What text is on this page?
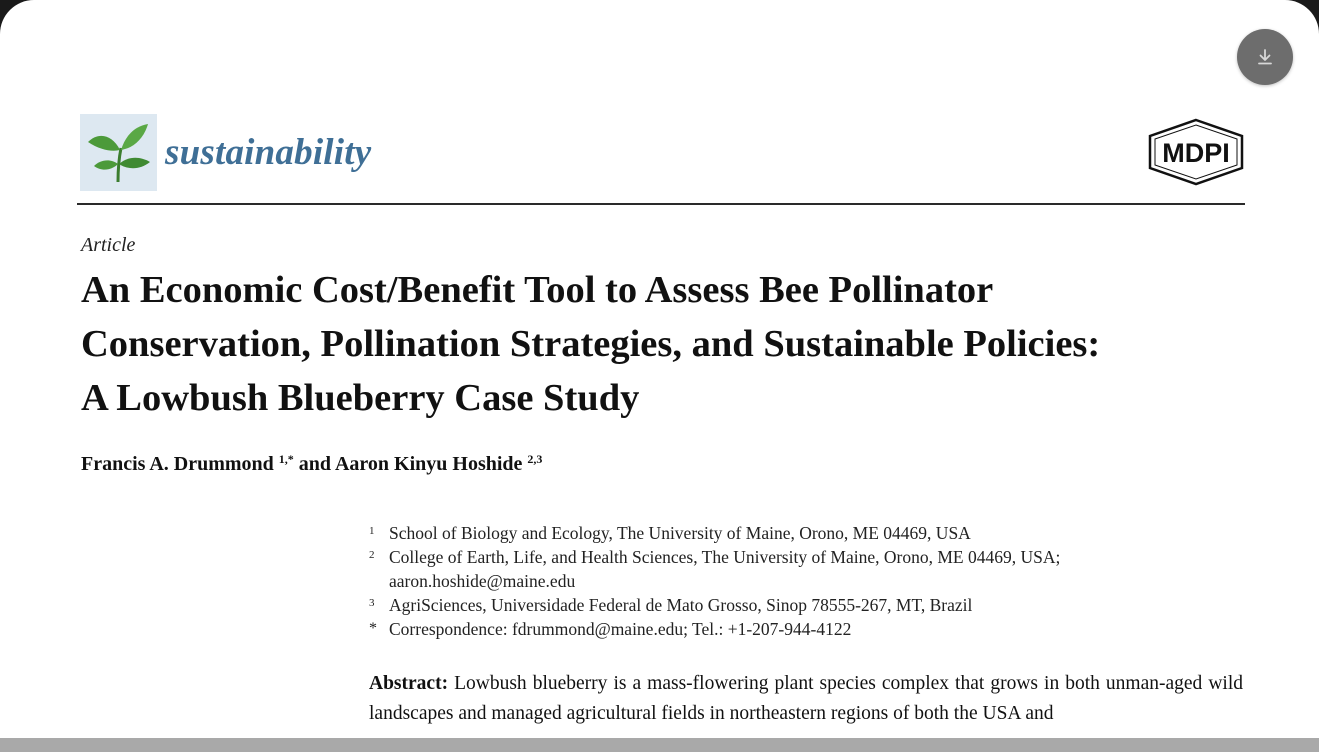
sustainability	MDPI
Article
An Economic Cost/Benefit Tool to Assess Bee Pollinator
Conservation, Pollination Strategies, and Sustainable Policies:
A Lowbush Blueberry Case Study
Francis A. Drummond $^{1,*}$ and Aaron Kinyu Hoshide $^{2,3}$
1 School of Biology and Ecology, The University of Maine, Orono, ME 04469, USA
2 College of Earth, Life, and Health Sciences, The University of Maine, Orono, ME 04469, USA; aaron.hoshide@maine.edu
3 AgriSciences, Universidade Federal de Mato Grosso, Sinop 78555-267, MT, Brazil
* Correspondence: fdrummond@maine.edu; Tel.: +1-207-944-4122

Abstract: Lowbush blueberry is a mass-flowering plant species complex that grows in both unman-aged wild landscapes and managed agricultural fields in northeastern regions of both the USA and
